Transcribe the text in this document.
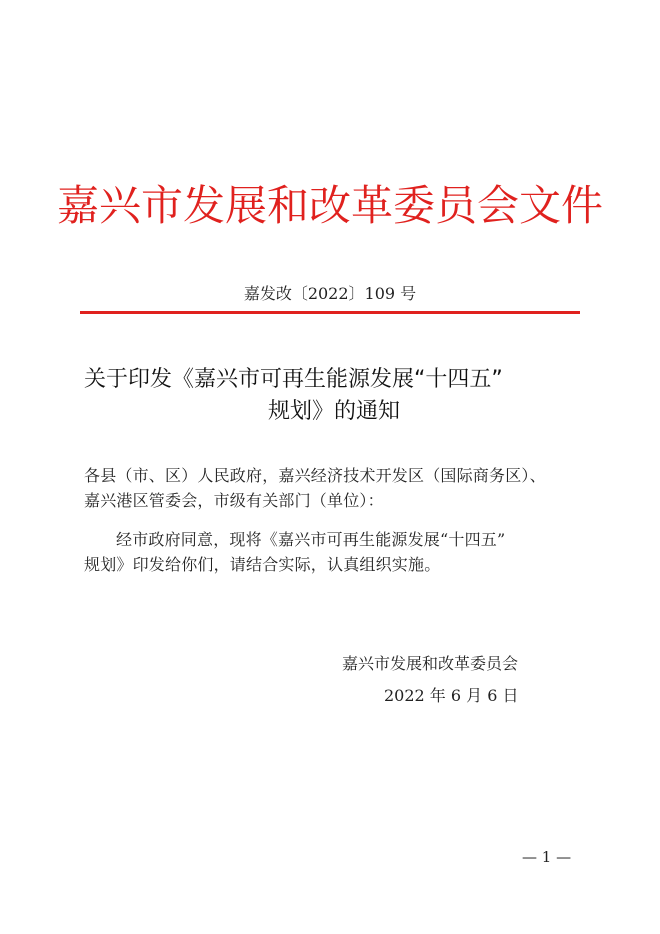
嘉兴市发展和改革委员会文件
嘉发改〔2022〕109 号
关于印发《嘉兴市可再生能源发展“十四五”
规划》的通知
各县（市、区）人民政府，嘉兴经济技术开发区（国际商务区）、
嘉兴港区管委会，市级有关部门（单位）：
经市政府同意，现将《嘉兴市可再生能源发展“十四五”
规划》印发给你们，请结合实际，认真组织实施。
嘉兴市发展和改革委员会
2022 年 6 月 6 日
— 1 —
